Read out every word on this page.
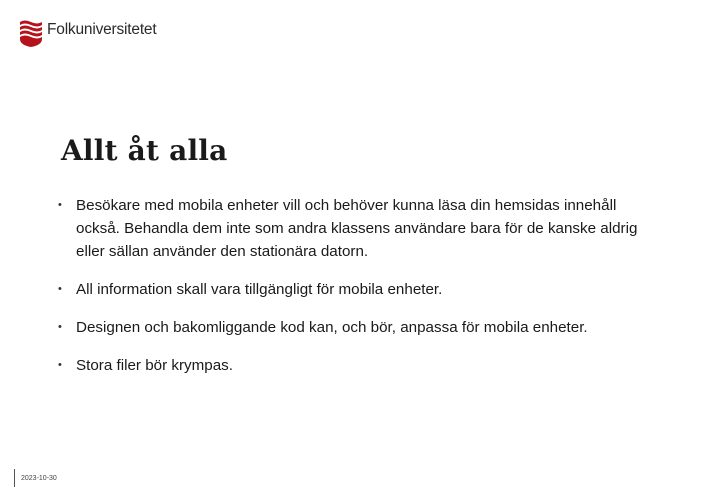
Folkuniversitetet
Allt åt alla
• Besökare med mobila enheter vill och behöver kunna läsa din hemsidas innehåll också. Behandla dem inte som andra klassens användare bara för de kanske aldrig eller sällan använder den stationära datorn.
• All information skall vara tillgängligt för mobila enheter.
• Designen och bakomliggande kod kan, och bör, anpassa för mobila enheter.
• Stora filer bör krympas.
2023-10-30
